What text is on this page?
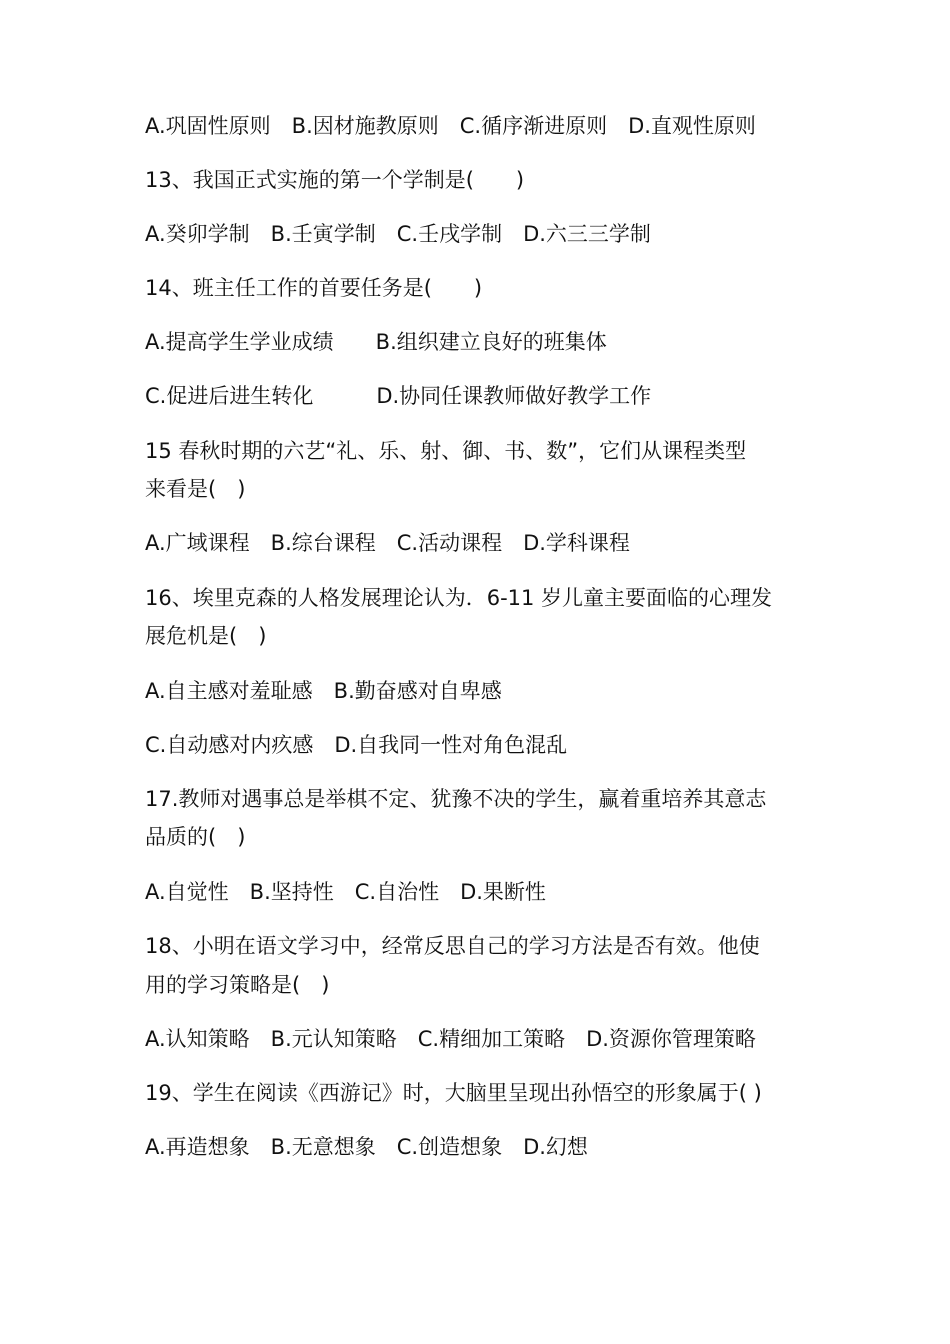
A.巩固性原则　B.因材施教原则　C.循序渐进原则　D.直观性原则
13、我国正式实施的第一个学制是(　　)
A.癸卯学制　B.壬寅学制　C.壬戌学制　D.六三三学制
14、班主任工作的首要任务是(　　)
A.提高学生学业成绩　　B.组织建立良好的班集体
C.促进后进生转化　　　D.协同任课教师做好教学工作
15 春秋时期的六艺“礼、乐、射、御、书、数”，它们从课程类型
来看是(　)
A.广域课程　B.综台课程　C.活动课程　D.学科课程
16、埃里克森的人格发展理论认为．6-11 岁儿童主要面临的心理发
展危机是(　)
A.自主感对羞耻感　B.勤奋感对自卑感
C.自动感对内疚感　D.自我同一性对角色混乱
17.教师对遇事总是举棋不定、犹豫不决的学生，赢着重培养其意志
品质的(　)
A.自觉性　B.坚持性　C.自治性　D.果断性
18、小明在语文学习中，经常反思自己的学习方法是否有效。他使
用的学习策略是(　)
A.认知策略　B.元认知策略　C.精细加工策略　D.资源你管理策略
19、学生在阅读《西游记》时，大脑里呈现出孙悟空的形象属于( )
A.再造想象　B.无意想象　C.创造想象　D.幻想
